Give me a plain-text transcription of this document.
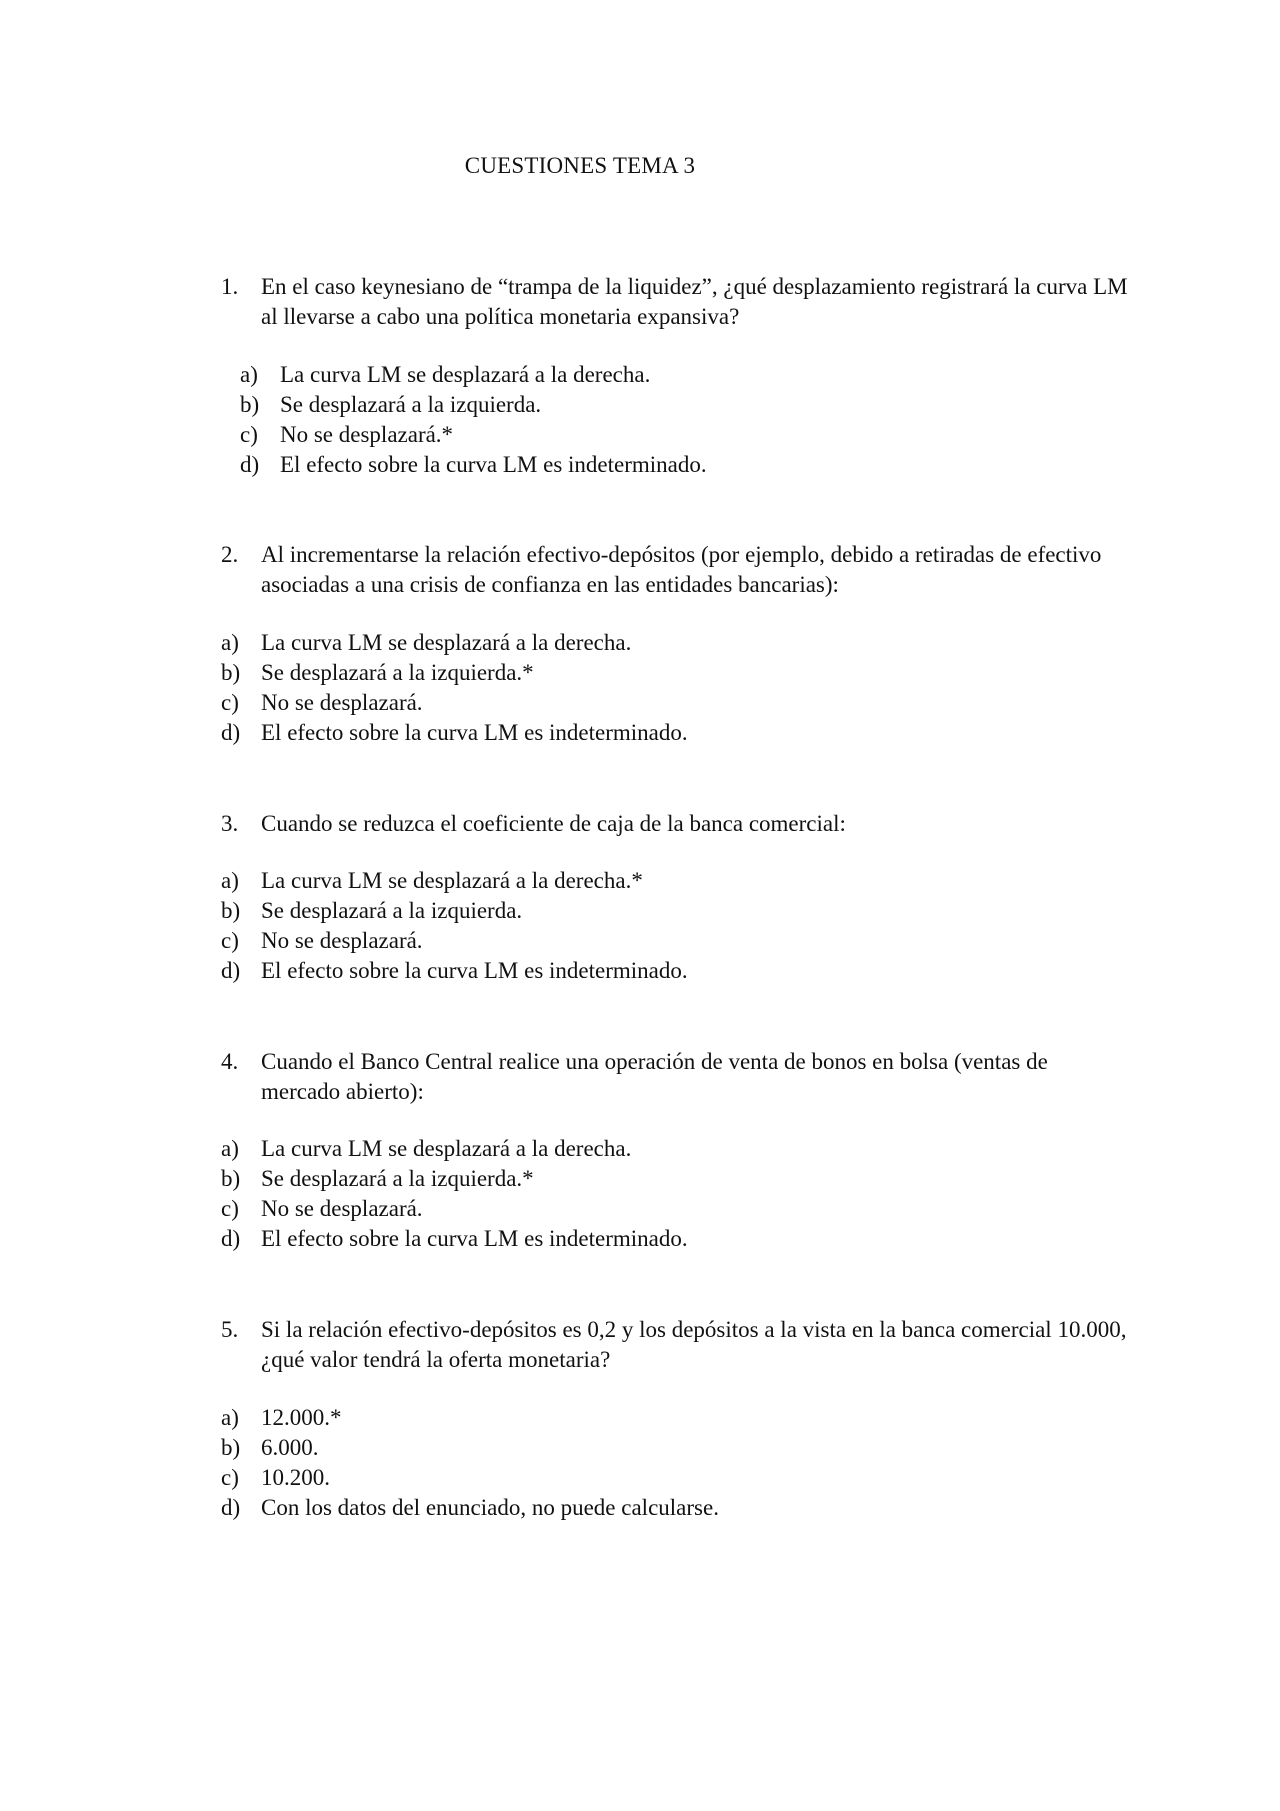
CUESTIONES TEMA 3
1. En el caso keynesiano de “trampa de la liquidez”, ¿qué desplazamiento registrará la curva LM al llevarse a cabo una política monetaria expansiva?
a) La curva LM se desplazará a la derecha.
b) Se desplazará a la izquierda.
c) No se desplazará.*
d) El efecto sobre la curva LM es indeterminado.
2. Al incrementarse la relación efectivo-depósitos (por ejemplo, debido a retiradas de efectivo asociadas a una crisis de confianza en las entidades bancarias):
a) La curva LM se desplazará a la derecha.
b) Se desplazará a la izquierda.*
c) No se desplazará.
d) El efecto sobre la curva LM es indeterminado.
3. Cuando se reduzca el coeficiente de caja de la banca comercial:
a) La curva LM se desplazará a la derecha.*
b) Se desplazará a la izquierda.
c) No se desplazará.
d) El efecto sobre la curva LM es indeterminado.
4. Cuando el Banco Central realice una operación de venta de bonos en bolsa (ventas de mercado abierto):
a) La curva LM se desplazará a la derecha.
b) Se desplazará a la izquierda.*
c) No se desplazará.
d) El efecto sobre la curva LM es indeterminado.
5. Si la relación efectivo-depósitos es 0,2 y los depósitos a la vista en la banca comercial 10.000, ¿qué valor tendrá la oferta monetaria?
a) 12.000.*
b) 6.000.
c) 10.200.
d) Con los datos del enunciado, no puede calcularse.
